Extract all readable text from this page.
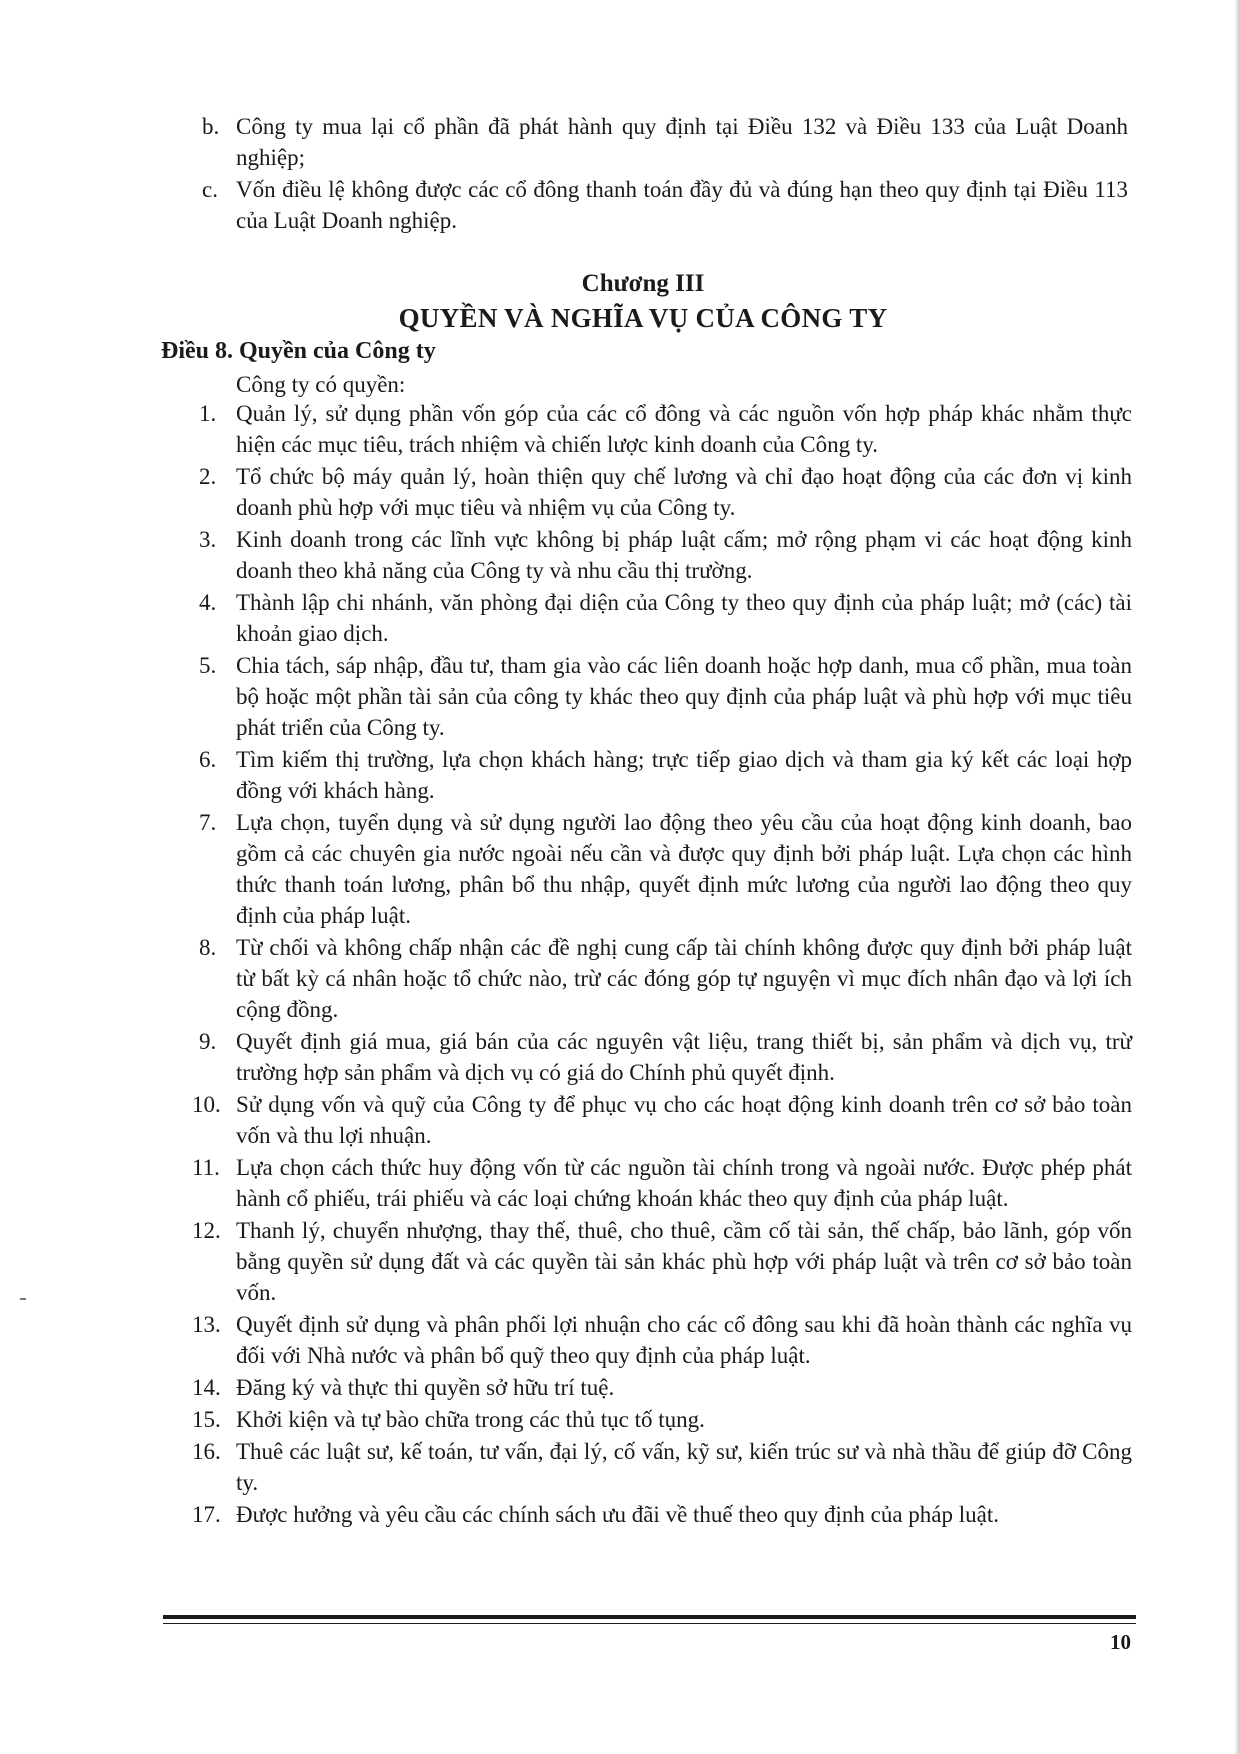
b. Công ty mua lại cổ phần đã phát hành quy định tại Điều 132 và Điều 133 của Luật Doanh nghiệp;
c. Vốn điều lệ không được các cổ đông thanh toán đầy đủ và đúng hạn theo quy định tại Điều 113 của Luật Doanh nghiệp.
Chương III
QUYỀN VÀ NGHĨA VỤ CỦA CÔNG TY
Điều 8. Quyền của Công ty
Công ty có quyền:
1. Quản lý, sử dụng phần vốn góp của các cổ đông và các nguồn vốn hợp pháp khác nhằm thực hiện các mục tiêu, trách nhiệm và chiến lược kinh doanh của Công ty.
2. Tổ chức bộ máy quản lý, hoàn thiện quy chế lương và chỉ đạo hoạt động của các đơn vị kinh doanh phù hợp với mục tiêu và nhiệm vụ của Công ty.
3. Kinh doanh trong các lĩnh vực không bị pháp luật cấm; mở rộng phạm vi các hoạt động kinh doanh theo khả năng của Công ty và nhu cầu thị trường.
4. Thành lập chi nhánh, văn phòng đại diện của Công ty theo quy định của pháp luật; mở (các) tài khoản giao dịch.
5. Chia tách, sáp nhập, đầu tư, tham gia vào các liên doanh hoặc hợp danh, mua cổ phần, mua toàn bộ hoặc một phần tài sản của công ty khác theo quy định của pháp luật và phù hợp với mục tiêu phát triển của Công ty.
6. Tìm kiếm thị trường, lựa chọn khách hàng; trực tiếp giao dịch và tham gia ký kết các loại hợp đồng với khách hàng.
7. Lựa chọn, tuyển dụng và sử dụng người lao động theo yêu cầu của hoạt động kinh doanh, bao gồm cả các chuyên gia nước ngoài nếu cần và được quy định bởi pháp luật. Lựa chọn các hình thức thanh toán lương, phân bổ thu nhập, quyết định mức lương của người lao động theo quy định của pháp luật.
8. Từ chối và không chấp nhận các đề nghị cung cấp tài chính không được quy định bởi pháp luật từ bất kỳ cá nhân hoặc tổ chức nào, trừ các đóng góp tự nguyện vì mục đích nhân đạo và lợi ích cộng đồng.
9. Quyết định giá mua, giá bán của các nguyên vật liệu, trang thiết bị, sản phẩm và dịch vụ, trừ trường hợp sản phẩm và dịch vụ có giá do Chính phủ quyết định.
10. Sử dụng vốn và quỹ của Công ty để phục vụ cho các hoạt động kinh doanh trên cơ sở bảo toàn vốn và thu lợi nhuận.
11. Lựa chọn cách thức huy động vốn từ các nguồn tài chính trong và ngoài nước. Được phép phát hành cổ phiếu, trái phiếu và các loại chứng khoán khác theo quy định của pháp luật.
12. Thanh lý, chuyển nhượng, thay thế, thuê, cho thuê, cầm cố tài sản, thế chấp, bảo lãnh, góp vốn bằng quyền sử dụng đất và các quyền tài sản khác phù hợp với pháp luật và trên cơ sở bảo toàn vốn.
13. Quyết định sử dụng và phân phối lợi nhuận cho các cổ đông sau khi đã hoàn thành các nghĩa vụ đối với Nhà nước và phân bổ quỹ theo quy định của pháp luật.
14. Đăng ký và thực thi quyền sở hữu trí tuệ.
15. Khởi kiện và tự bào chữa trong các thủ tục tố tụng.
16. Thuê các luật sư, kế toán, tư vấn, đại lý, cố vấn, kỹ sư, kiến trúc sư và nhà thầu để giúp đỡ Công ty.
17. Được hưởng và yêu cầu các chính sách ưu đãi về thuế theo quy định của pháp luật.
10
